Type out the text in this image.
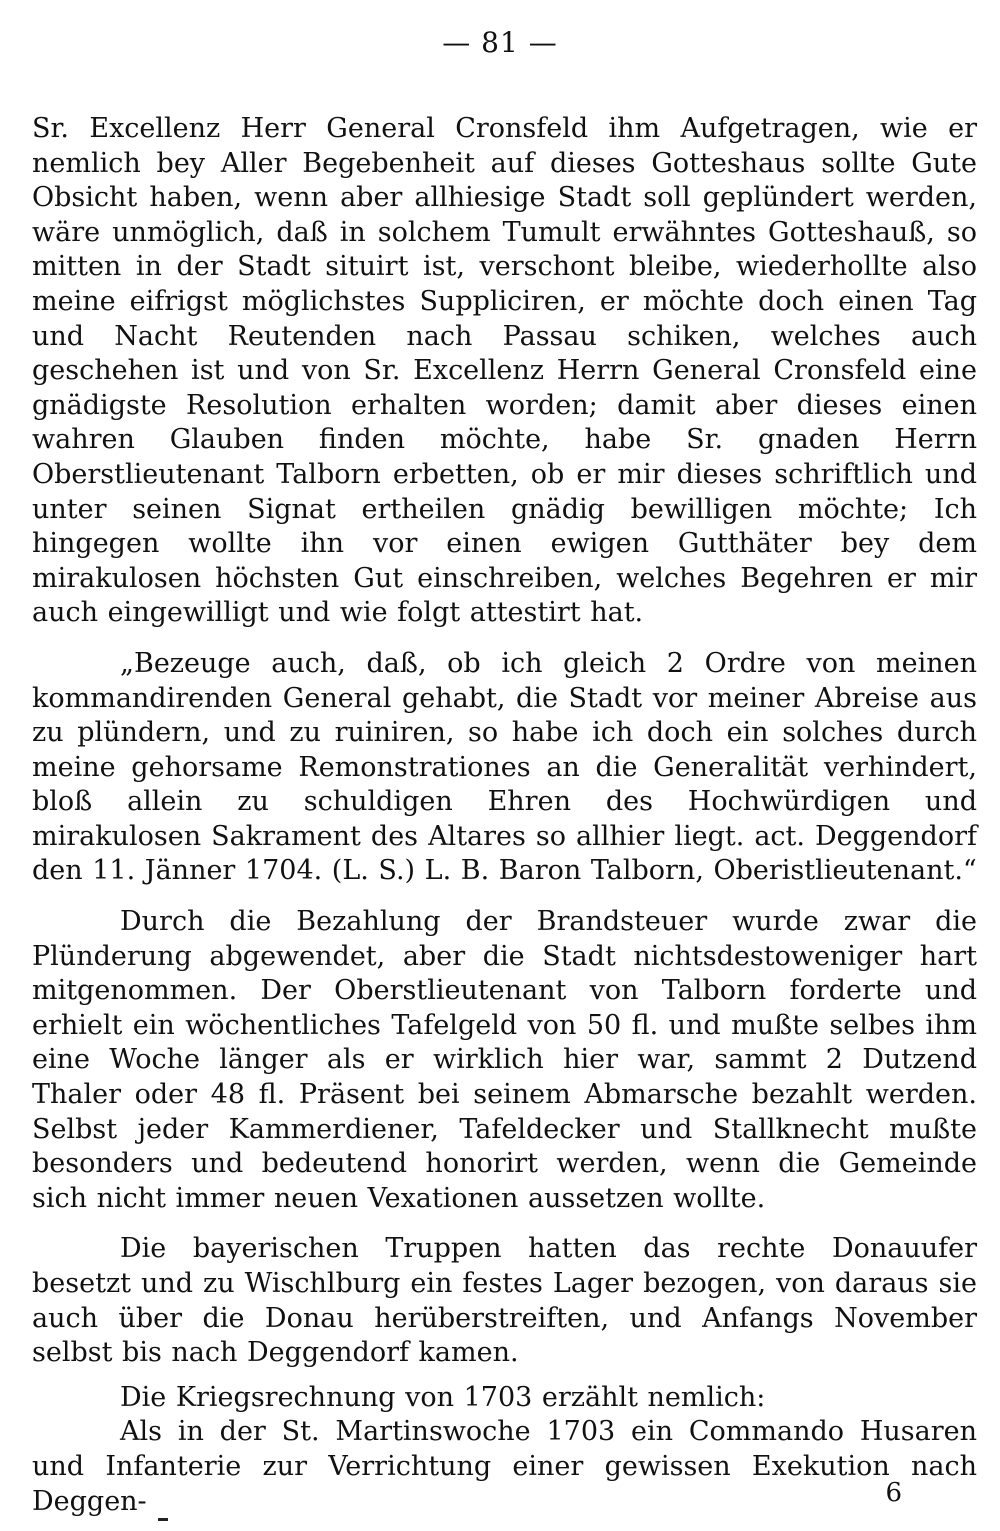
— 81 —

Sr. Excellenz Herr General Cronsfeld ihm Aufgetragen, wie er nemlich bey Aller Begebenheit auf dieses Gotteshaus sollte Gute Obsicht haben, wenn aber allhiesige Stadt soll geplündert werden, wäre unmöglich, daß in solchem Tumult erwähntes Gotteshauß, so mitten in der Stadt situirt ist, verschont bleibe, wiederhollte also meine eifrigst möglichstes Suppliciren, er möchte doch einen Tag und Nacht Reutenden nach Passau schiken, welches auch geschehen ist und von Sr. Excellenz Herrn General Cronsfeld eine gnädigste Resolution erhalten worden; damit aber dieses einen wahren Glauben finden möchte, habe Sr. gnaden Herrn Oberstlieutenant Talborn erbetten, ob er mir dieses schriftlich und unter seinen Signat ertheilen gnädig bewilligen möchte; Ich hingegen wollte ihn vor einen ewigen Gutthäter bey dem mirakulosen höchsten Gut einschreiben, welches Begehren er mir auch eingewilligt und wie folgt attestirt hat.

„Bezeuge auch, daß, ob ich gleich 2 Ordre von meinen kommandirenden General gehabt, die Stadt vor meiner Abreise aus zu plündern, und zu ruiniren, so habe ich doch ein solches durch meine gehorsame Remonstrationes an die Generalität verhindert, bloß allein zu schuldigen Ehren des Hochwürdigen und mirakulosen Sakrament des Altares so allhier liegt. act. Deggendorf den 11. Jänner 1704. (L. S.) L. B. Baron Talborn, Oberistlieutenant.“

Durch die Bezahlung der Brandsteuer wurde zwar die Plünderung abgewendet, aber die Stadt nichtsdestoweniger hart mitgenommen. Der Oberstlieutenant von Talborn forderte und erhielt ein wöchentliches Tafelgeld von 50 fl. und mußte selbes ihm eine Woche länger als er wirklich hier war, sammt 2 Dutzend Thaler oder 48 fl. Präsent bei seinem Abmarsche bezahlt werden. Selbst jeder Kammerdiener, Tafeldecker und Stallknecht mußte besonders und bedeutend honorirt werden, wenn die Gemeinde sich nicht immer neuen Vexationen aussetzen wollte.

Die bayerischen Truppen hatten das rechte Donauufer besetzt und zu Wischlburg ein festes Lager bezogen, von daraus sie auch über die Donau herüberstreiften, und Anfangs November selbst bis nach Deggendorf kamen.

Die Kriegsrechnung von 1703 erzählt nemlich:

Als in der St. Martinswoche 1703 ein Commando Husaren und Infanterie zur Verrichtung einer gewissen Exekution nach Deggen-	6
